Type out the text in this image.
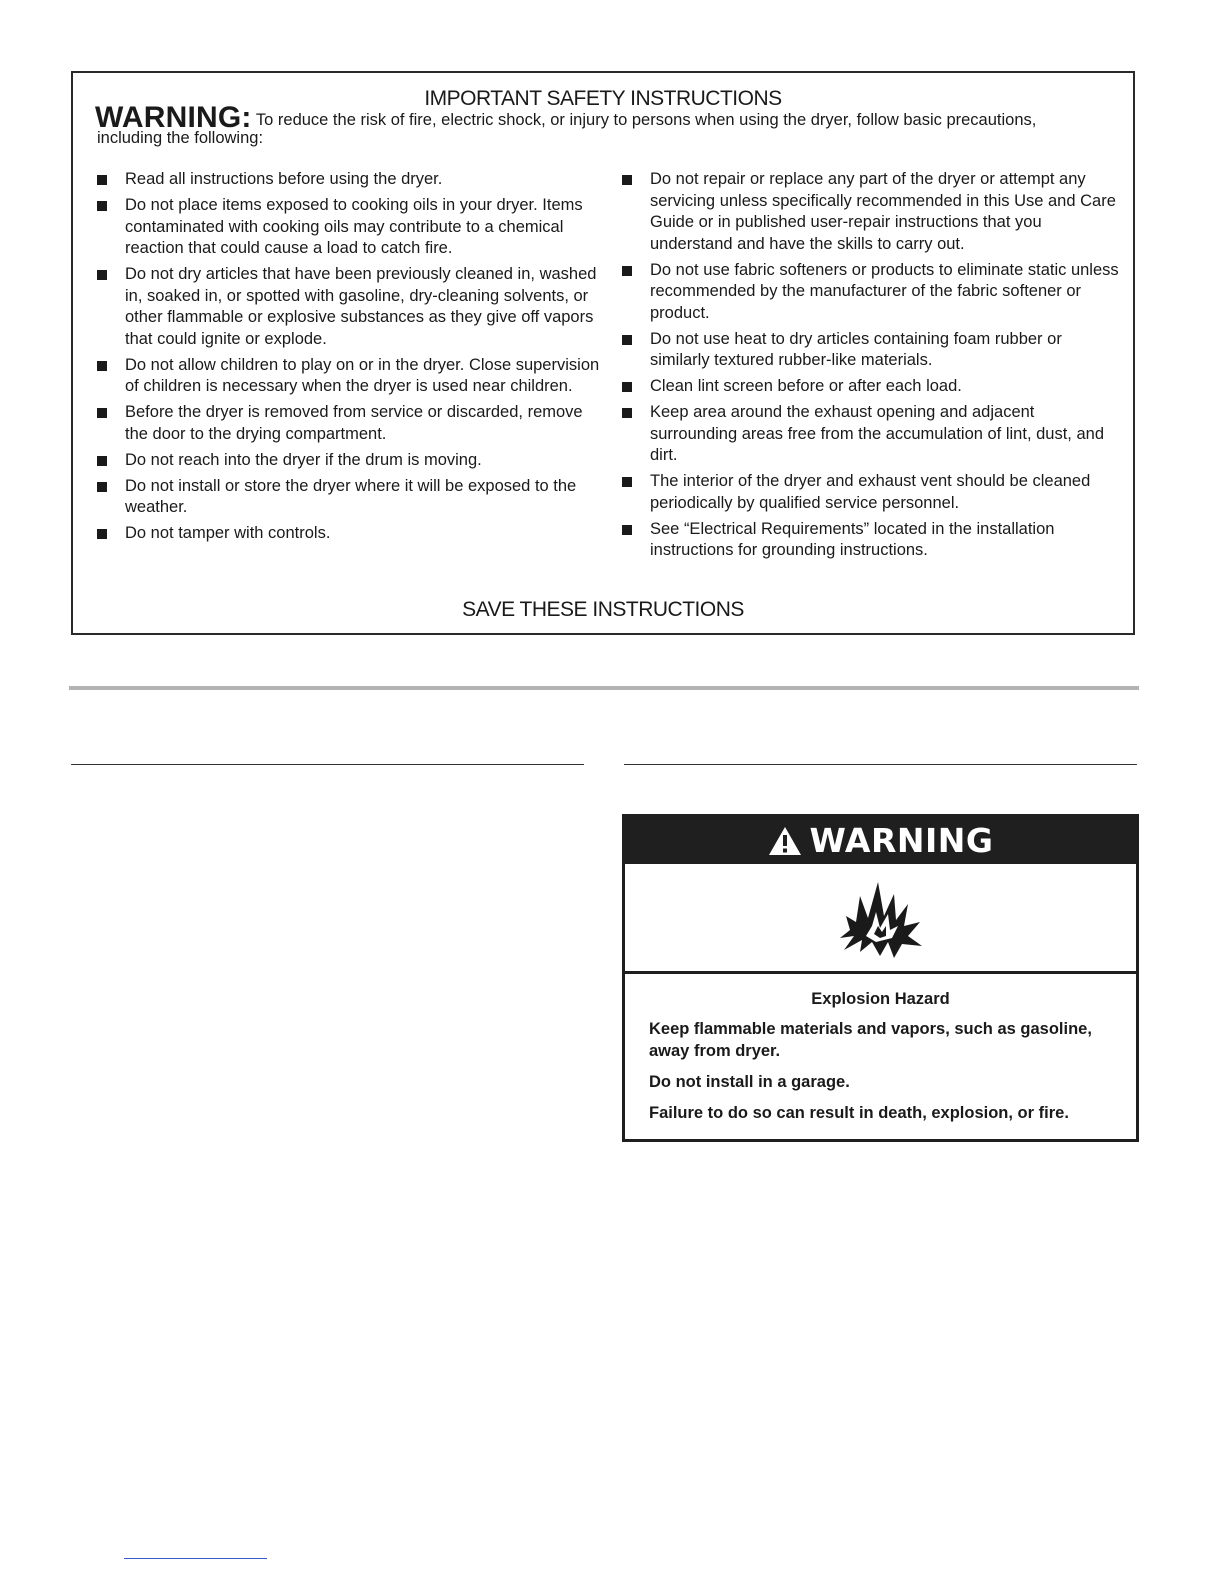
IMPORTANT SAFETY INSTRUCTIONS
WARNING: To reduce the risk of fire, electric shock, or injury to persons when using the dryer, follow basic precautions,
including the following:
Read all instructions before using the dryer.
Do not place items exposed to cooking oils in your dryer. Items contaminated with cooking oils may contribute to a chemical reaction that could cause a load to catch fire.
Do not dry articles that have been previously cleaned in, washed in, soaked in, or spotted with gasoline, dry-cleaning solvents, or other flammable or explosive substances as they give off vapors that could ignite or explode.
Do not allow children to play on or in the dryer. Close supervision of children is necessary when the dryer is used near children.
Before the dryer is removed from service or discarded, remove the door to the drying compartment.
Do not reach into the dryer if the drum is moving.
Do not install or store the dryer where it will be exposed to the weather.
Do not tamper with controls.
Do not repair or replace any part of the dryer or attempt any servicing unless specifically recommended in this Use and Care Guide or in published user-repair instructions that you understand and have the skills to carry out.
Do not use fabric softeners or products to eliminate static unless recommended by the manufacturer of the fabric softener or product.
Do not use heat to dry articles containing foam rubber or similarly textured rubber-like materials.
Clean lint screen before or after each load.
Keep area around the exhaust opening and adjacent surrounding areas free from the accumulation of lint, dust, and dirt.
The interior of the dryer and exhaust vent should be cleaned periodically by qualified service personnel.
See “Electrical Requirements” located in the installation instructions for grounding instructions.
SAVE THESE INSTRUCTIONS
WARNING
Explosion Hazard

Keep flammable materials and vapors, such as gasoline, away from dryer.

Do not install in a garage.

Failure to do so can result in death, explosion, or fire.
